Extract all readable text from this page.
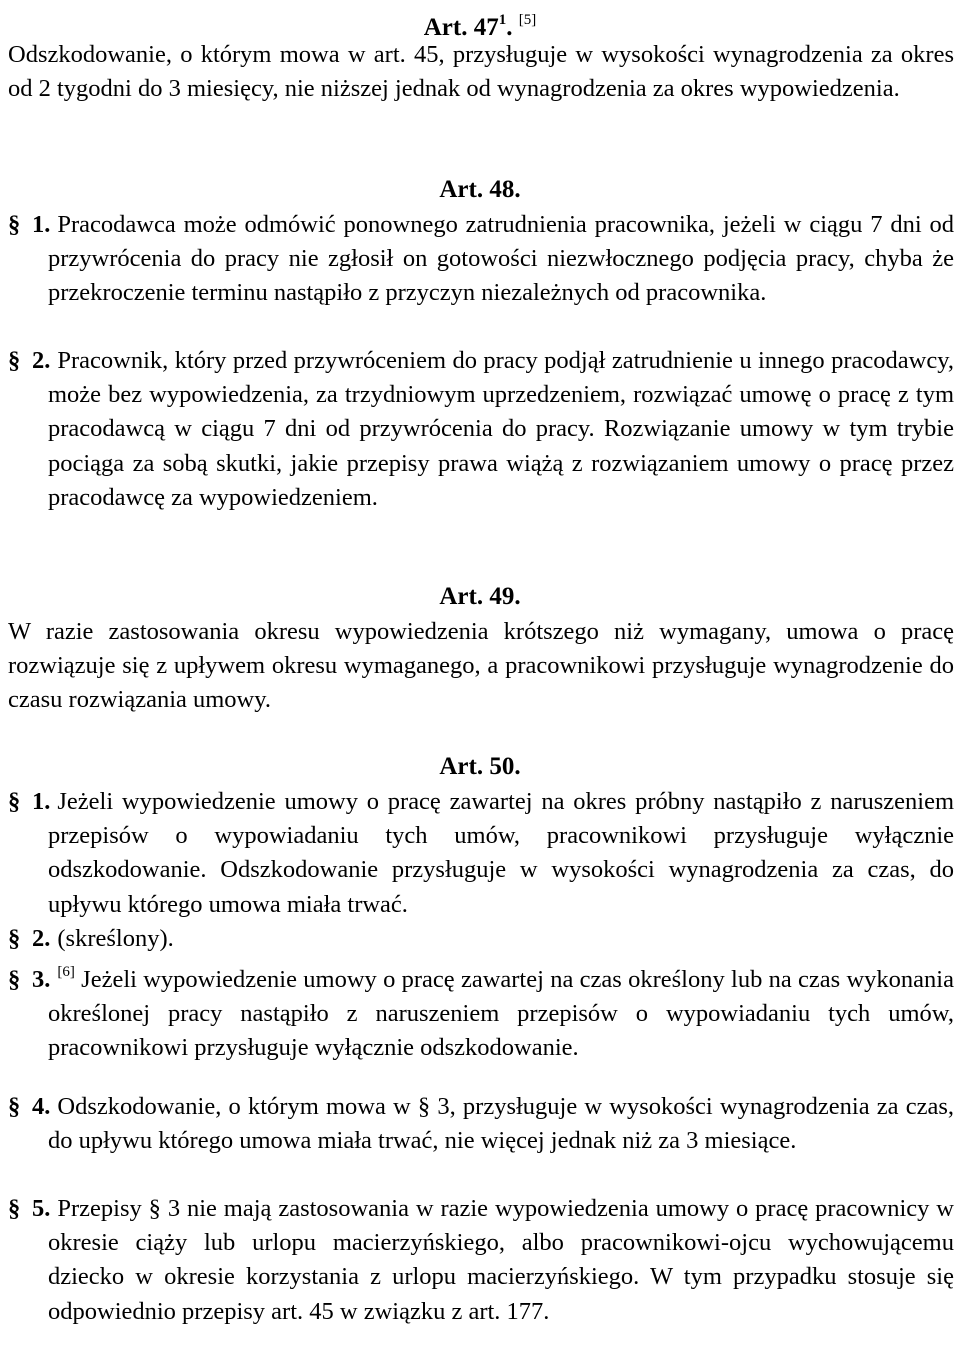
Art. $47^1$. [5]

Odszkodowanie, o którym mowa w art. 45, przysługuje w wysokości wynagrodzenia za okres od 2 tygodni do 3 miesięcy, nie niższej jednak od wynagrodzenia za okres wypowiedzenia.

Art. 48.

§ 1. Pracodawca może odmówić ponownego zatrudnienia pracownika, jeżeli w ciągu 7 dni od przywrócenia do pracy nie zgłosił on gotowości niezwłocznego podjęcia pracy, chyba że przekroczenie terminu nastąpiło z przyczyn niezależnych od pracownika.

§ 2. Pracownik, który przed przywróceniem do pracy podjął zatrudnienie u innego pracodawcy, może bez wypowiedzenia, za trzydniowym uprzedzeniem, rozwiązać umowę o pracę z tym pracodawcą w ciągu 7 dni od przywrócenia do pracy. Rozwiązanie umowy w tym trybie pociąga za sobą skutki, jakie przepisy prawa wiążą z rozwiązaniem umowy o pracę przez pracodawcę za wypowiedzeniem.

Art. 49.

W razie zastosowania okresu wypowiedzenia krótszego niż wymagany, umowa o pracę rozwiązuje się z upływem okresu wymaganego, a pracownikowi przysługuje wynagrodzenie do czasu rozwiązania umowy.

Art. 50.

§ 1. Jeżeli wypowiedzenie umowy o pracę zawartej na okres próbny nastąpiło z naruszeniem przepisów o wypowiadaniu tych umów, pracownikowi przysługuje wyłącznie odszkodowanie. Odszkodowanie przysługuje w wysokości wynagrodzenia za czas, do upływu którego umowa miała trwać.

§ 2. (skreślony).

§ 3. [6] Jeżeli wypowiedzenie umowy o pracę zawartej na czas określony lub na czas wykonania określonej pracy nastąpiło z naruszeniem przepisów o wypowiadaniu tych umów, pracownikowi przysługuje wyłącznie odszkodowanie.

§ 4. Odszkodowanie, o którym mowa w § 3, przysługuje w wysokości wynagrodzenia za czas, do upływu którego umowa miała trwać, nie więcej jednak niż za 3 miesiące.

§ 5. Przepisy § 3 nie mają zastosowania w razie wypowiedzenia umowy o pracę pracownicy w okresie ciąży lub urlopu macierzyńskiego, albo pracownikowi-ojcu wychowującemu dziecko w okresie korzystania z urlopu macierzyńskiego. W tym przypadku stosuje się odpowiednio przepisy art. 45 w związku z art. 177.
